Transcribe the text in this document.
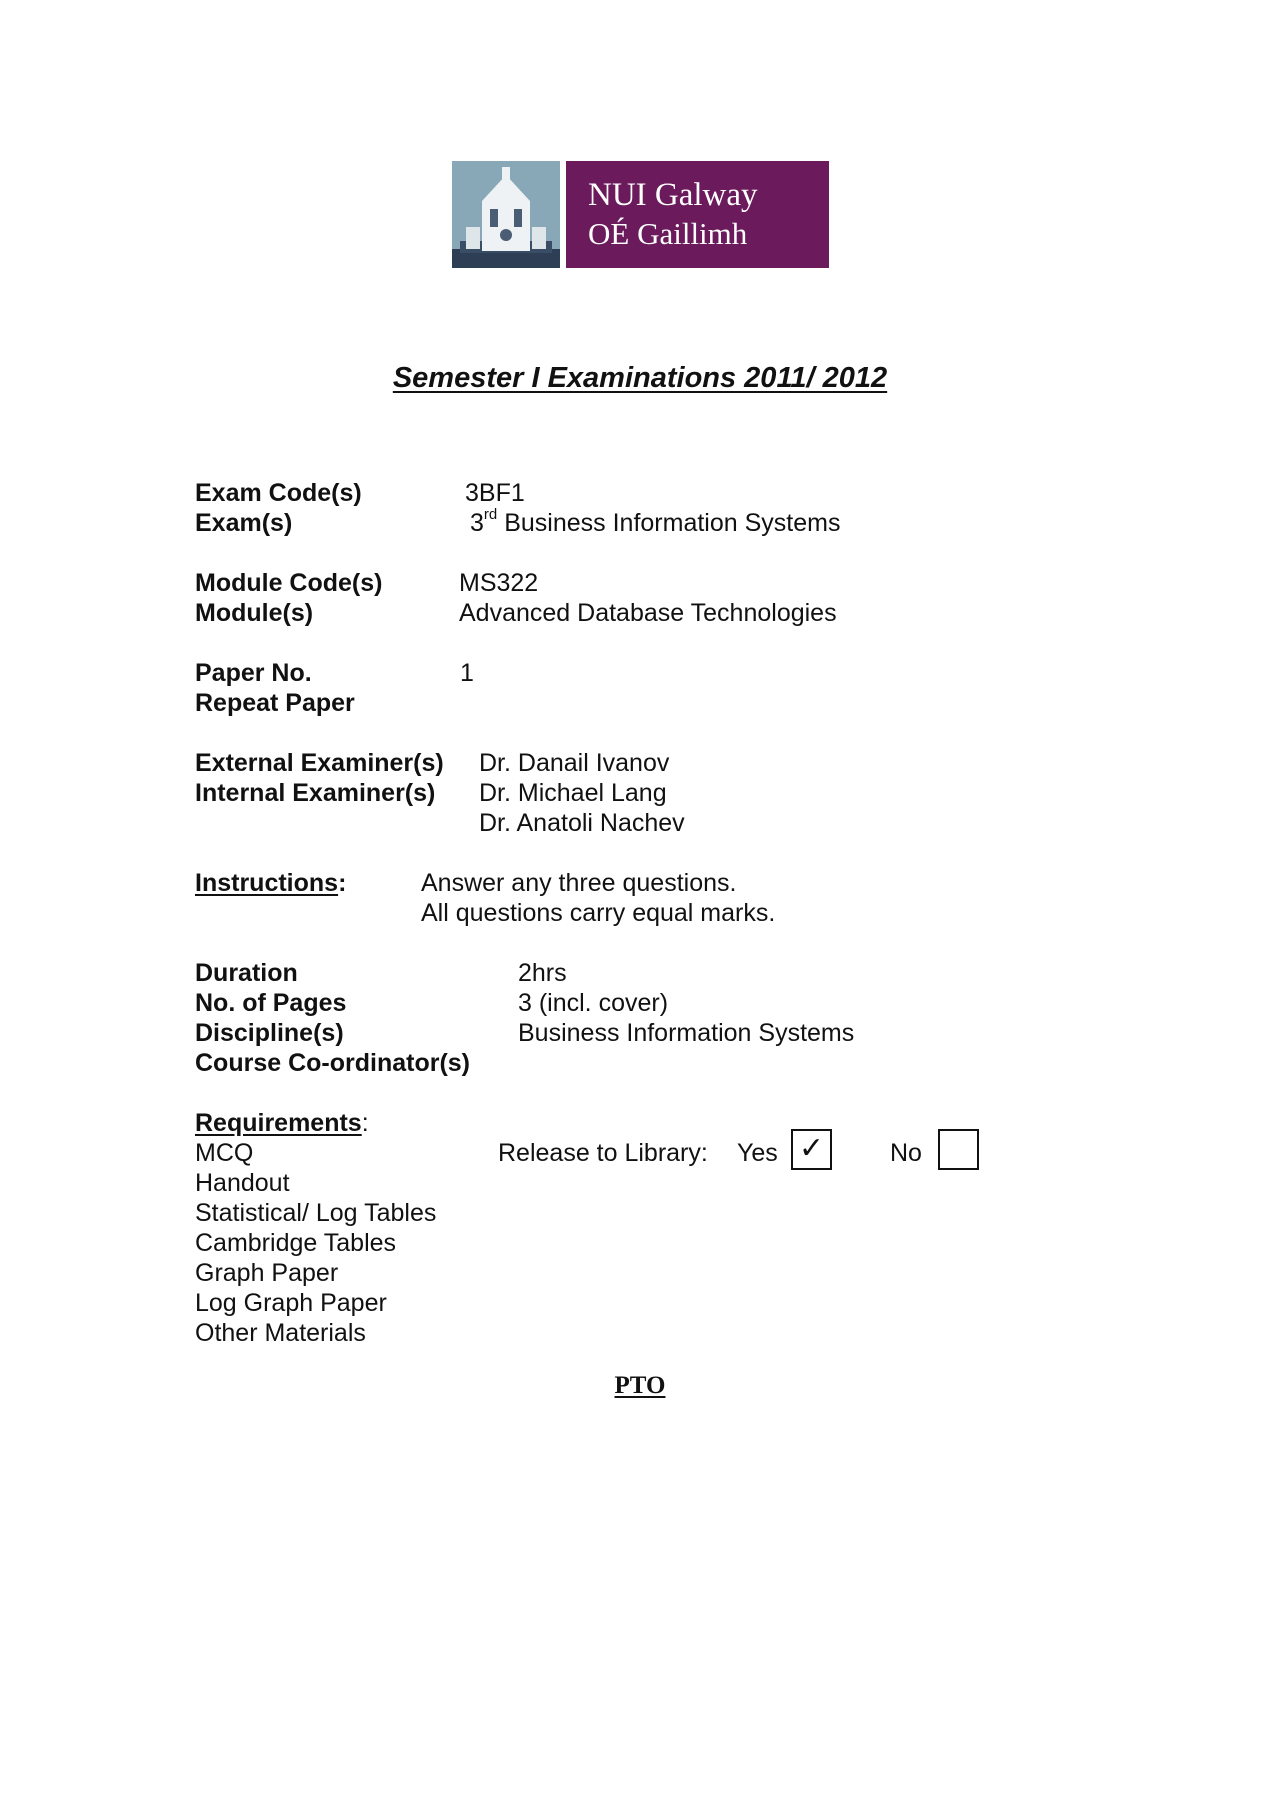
NUI Galway
OÉ Gaillimh
Semester I Examinations 2011/ 2012
Exam Code(s)	3BF1
Exam(s)	3rd Business Information Systems
Module Code(s)	MS322
Module(s)	Advanced Database Technologies
Paper No.	1
Repeat Paper
External Examiner(s) Dr. Danail Ivanov
Internal Examiner(s) Dr. Michael Lang
Dr. Anatoli Nachev
Instructions:	Answer any three questions.
All questions carry equal marks.
Duration	2hrs
No. of Pages	3 (incl. cover)
Discipline(s)	Business Information Systems
Course Co-ordinator(s)
Requirements:
MCQ
Handout
Statistical/ Log Tables
Cambridge Tables
Graph Paper
Log Graph Paper
Other Materials
Release to Library: Yes ✓	No
PTO
